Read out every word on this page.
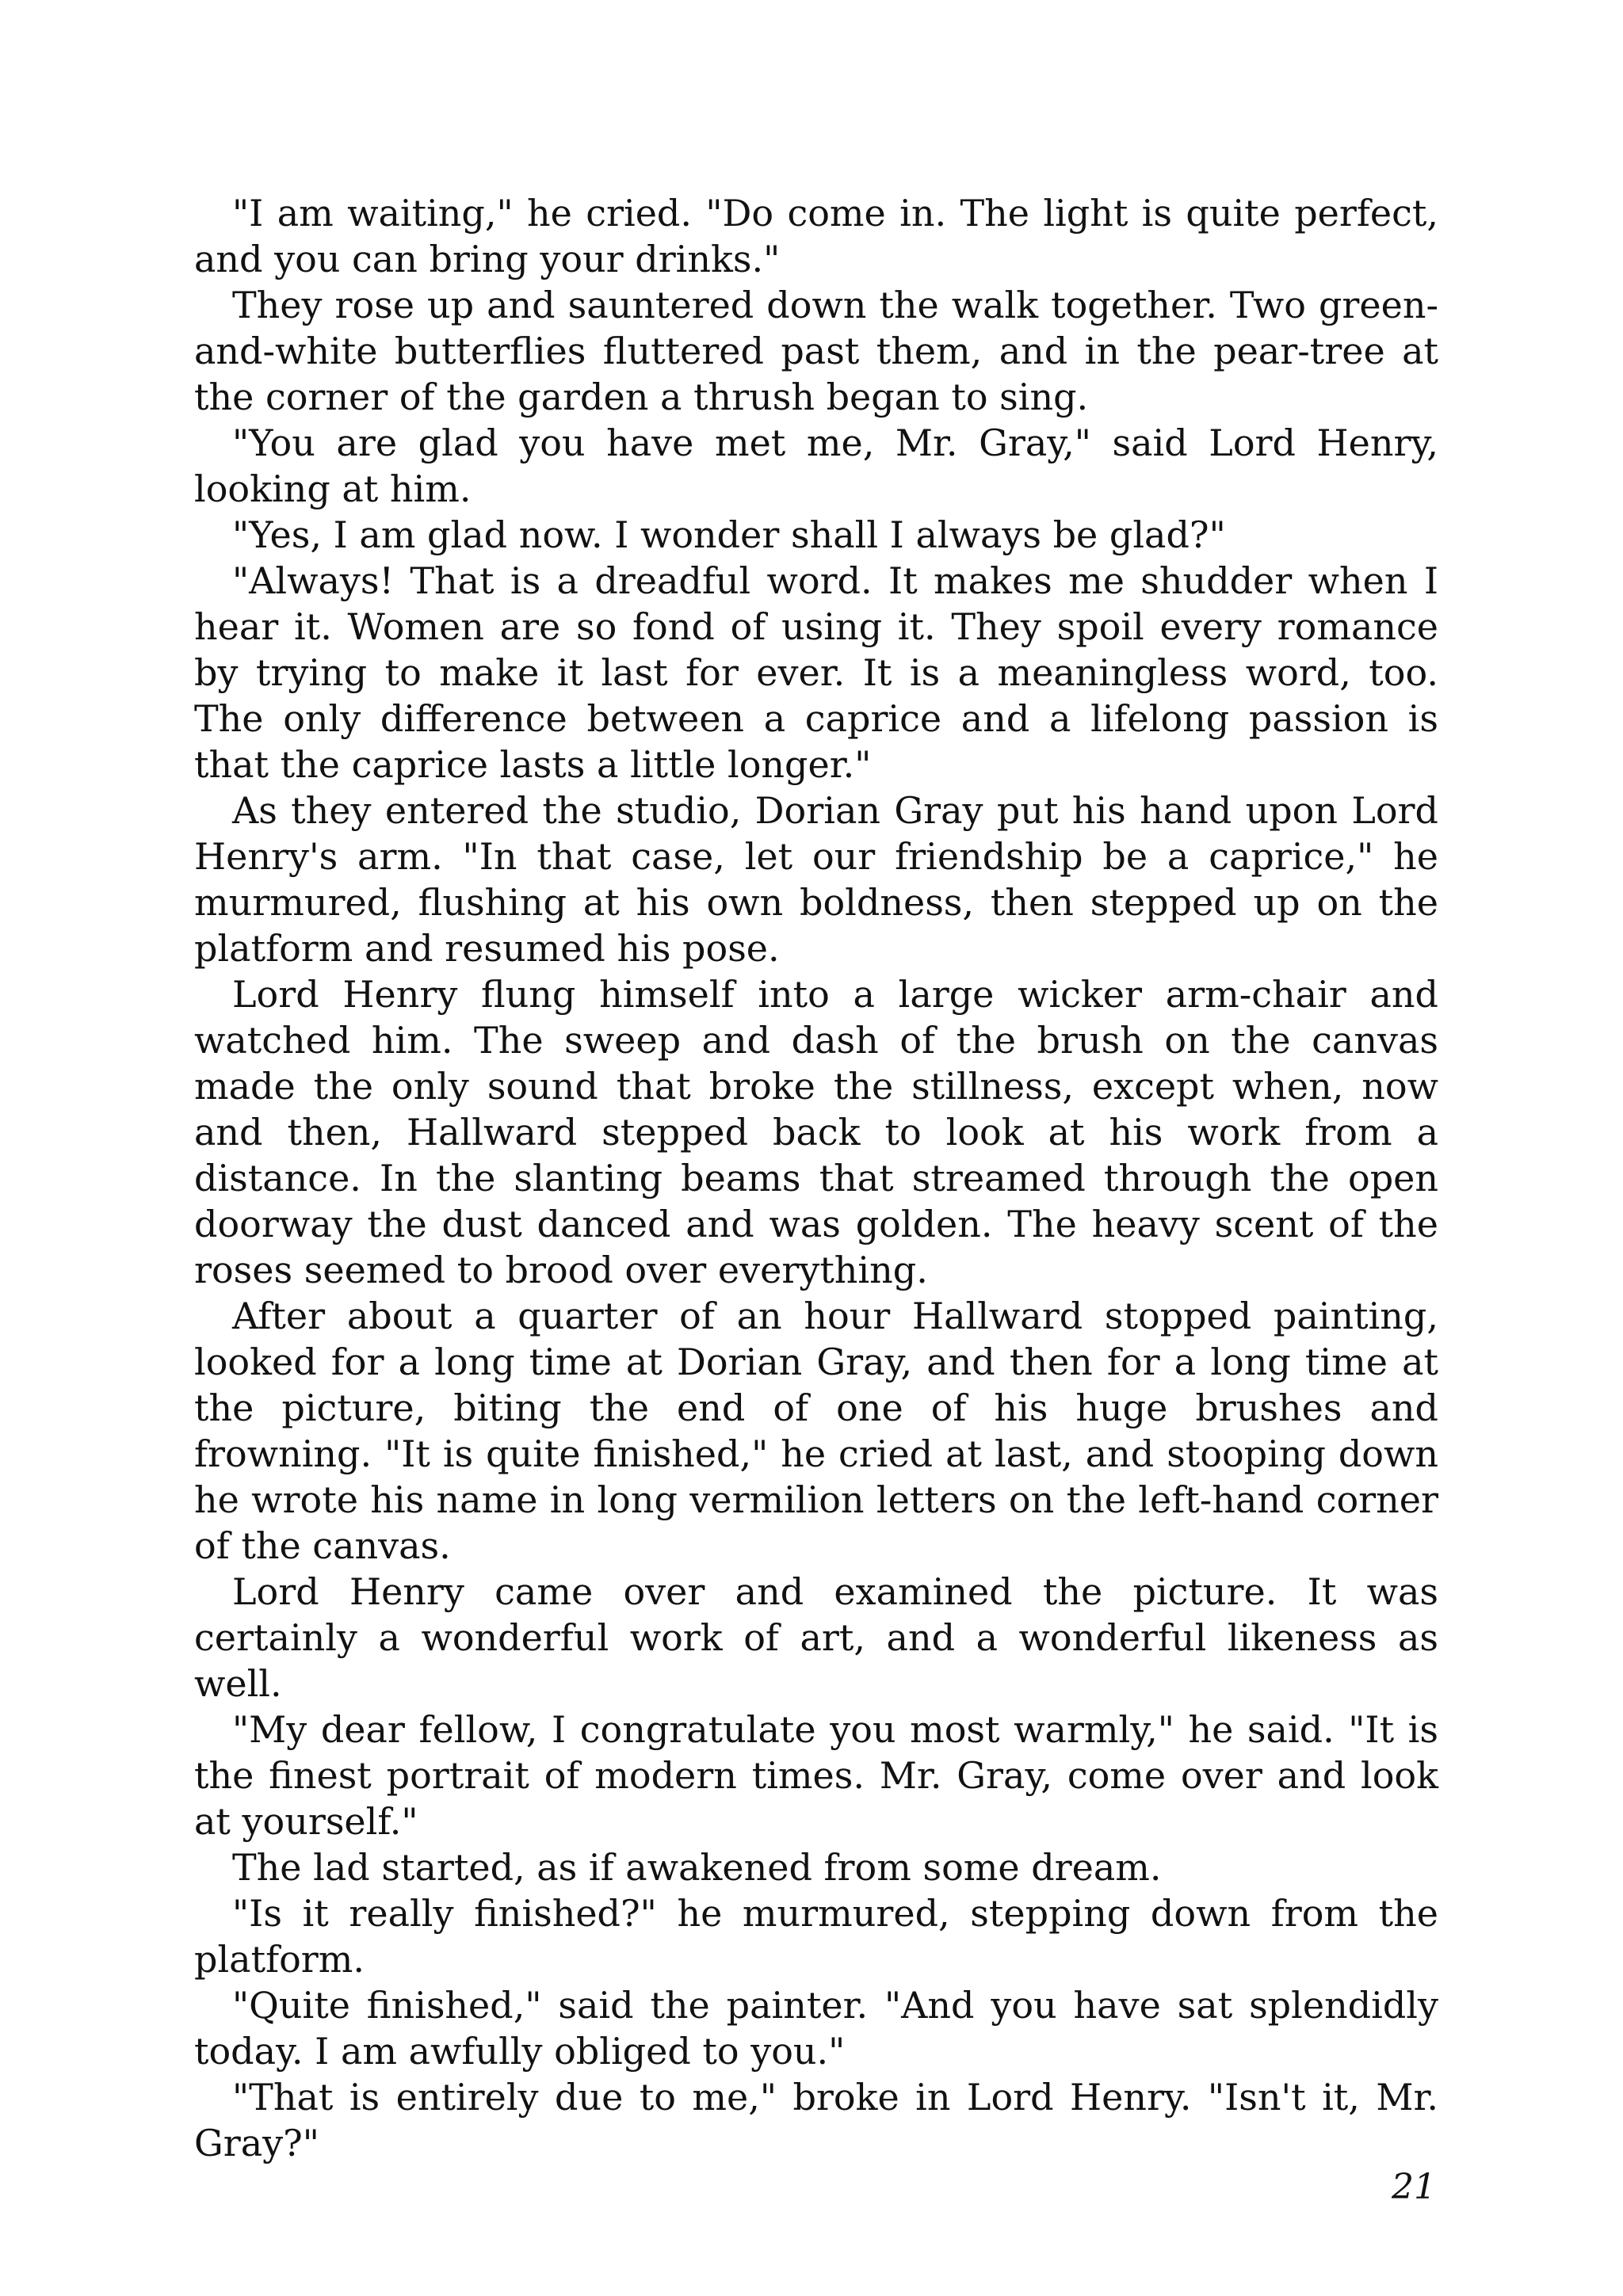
"I am waiting," he cried. "Do come in. The light is quite perfect, and you can bring your drinks."

They rose up and sauntered down the walk together. Two green-and-white butterflies fluttered past them, and in the pear-tree at the corner of the garden a thrush began to sing.

"You are glad you have met me, Mr. Gray," said Lord Henry, looking at him.

"Yes, I am glad now. I wonder shall I always be glad?"

"Always! That is a dreadful word. It makes me shudder when I hear it. Women are so fond of using it. They spoil every romance by trying to make it last for ever. It is a meaningless word, too. The only difference between a caprice and a lifelong passion is that the caprice lasts a little longer."

As they entered the studio, Dorian Gray put his hand upon Lord Henry's arm. "In that case, let our friendship be a caprice," he murmured, flushing at his own boldness, then stepped up on the platform and resumed his pose.

Lord Henry flung himself into a large wicker arm-chair and watched him. The sweep and dash of the brush on the canvas made the only sound that broke the stillness, except when, now and then, Hallward stepped back to look at his work from a distance. In the slanting beams that streamed through the open doorway the dust danced and was golden. The heavy scent of the roses seemed to brood over everything.

After about a quarter of an hour Hallward stopped painting, looked for a long time at Dorian Gray, and then for a long time at the picture, biting the end of one of his huge brushes and frowning. "It is quite finished," he cried at last, and stooping down he wrote his name in long vermilion letters on the left-hand corner of the canvas.

Lord Henry came over and examined the picture. It was certainly a wonderful work of art, and a wonderful likeness as well.

"My dear fellow, I congratulate you most warmly," he said. "It is the finest portrait of modern times. Mr. Gray, come over and look at yourself."

The lad started, as if awakened from some dream.

"Is it really finished?" he murmured, stepping down from the platform.

"Quite finished," said the painter. "And you have sat splendidly today. I am awfully obliged to you."

"That is entirely due to me," broke in Lord Henry. "Isn't it, Mr. Gray?"

21
